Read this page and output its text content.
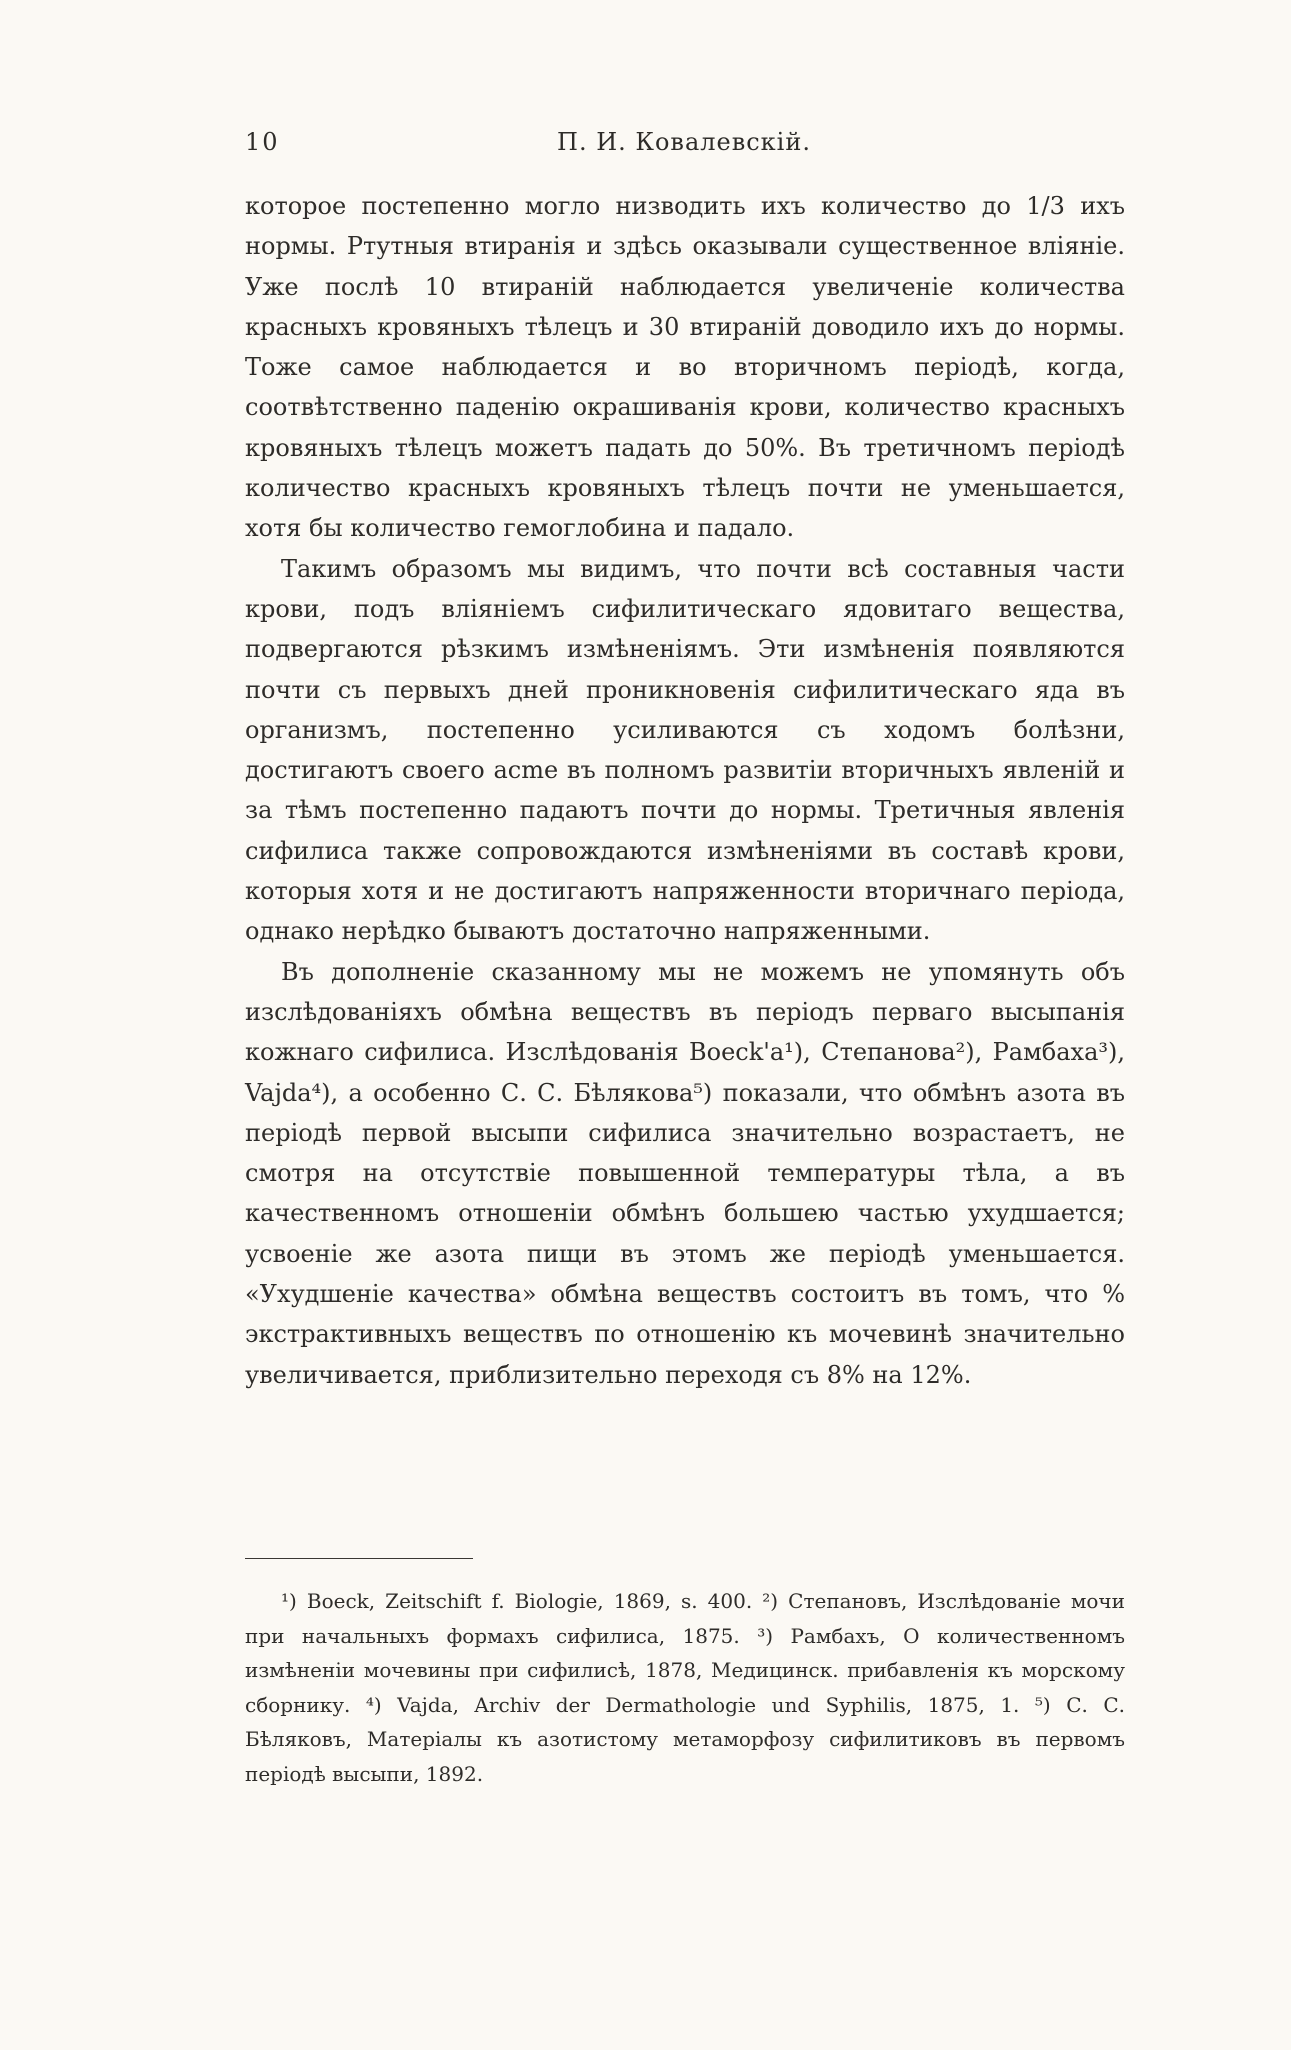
10	П. И. Ковалевскій.

которое постепенно могло низводить ихъ количество до 1/3 ихъ нормы. Ртутныя втиранія и здѣсь оказывали существенное вліяніе. Уже послѣ 10 втираній наблюдается увеличеніе количества красныхъ кровяныхъ тѣлецъ и 30 втираній доводило ихъ до нормы. Тоже самое наблюдается и во вторичномъ періодѣ, когда, соотвѣтственно паденію окрашиванія крови, количество красныхъ кровяныхъ тѣлецъ можетъ падать до 50%. Въ третичномъ періодѣ количество красныхъ кровяныхъ тѣлецъ почти не уменьшается, хотя бы количество гемоглобина и падало.

Такимъ образомъ мы видимъ, что почти всѣ составныя части крови, подъ вліяніемъ сифилитическаго ядовитаго вещества, подвергаются рѣзкимъ измѣненіямъ. Эти измѣненія появляются почти съ первыхъ дней проникновенія сифилитическаго яда въ организмъ, постепенно усиливаются съ ходомъ болѣзни, достигаютъ своего acme въ полномъ развитіи вторичныхъ явленій и за тѣмъ постепенно падаютъ почти до нормы. Третичныя явленія сифилиса также сопровождаются измѣненіями въ составѣ крови, которыя хотя и не достигаютъ напряженности вторичнаго періода, однако нерѣдко бываютъ достаточно напряженными.

Въ дополненіе сказанному мы не можемъ не упомянуть объ изслѣдованіяхъ обмѣна веществъ въ періодъ перваго высыпанія кожнаго сифилиса. Изслѣдованія Boeck'a¹), Степанова²), Рамбаха³), Vajda⁴), а особенно С. С. Бѣлякова⁵) показали, что обмѣнъ азота въ періодѣ первой высыпи сифилиса значительно возрастаетъ, не смотря на отсутствіе повышенной температуры тѣла, а въ качественномъ отношеніи обмѣнъ большею частью ухудшается; усвоеніе же азота пищи въ этомъ же періодѣ уменьшается. «Ухудшеніе качества» обмѣна веществъ состоитъ въ томъ, что % экстрактивныхъ веществъ по отношенію къ мочевинѣ значительно увеличивается, приблизительно переходя съ 8% на 12%.

¹) Boeck, Zeitschift f. Biologie, 1869, s. 400. ²) Степановъ, Изслѣдованіе мочи при начальныхъ формахъ сифилиса, 1875. ³) Рамбахъ, О количественномъ измѣненіи мочевины при сифилисѣ, 1878, Медицинск. прибавленія къ морскому сборнику. ⁴) Vajda, Archiv der Dermathologie und Syphilis, 1875, 1. ⁵) С. С. Бѣляковъ, Матеріалы къ азотистому метаморфозу сифилитиковъ въ первомъ періодѣ высыпи, 1892.
